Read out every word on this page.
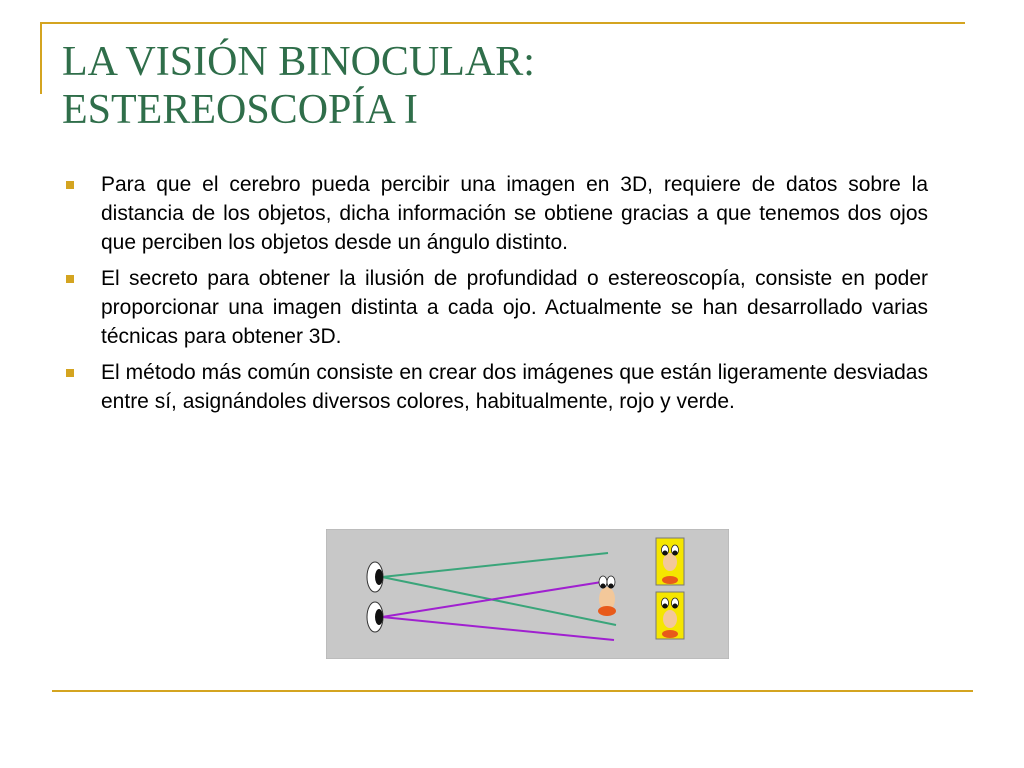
LA VISIÓN BINOCULAR:
ESTEREOSCOPÍA I
Para que el cerebro pueda percibir una imagen en 3D, requiere de datos sobre la distancia de los objetos, dicha información se obtiene gracias a que tenemos dos ojos que perciben los objetos desde un ángulo distinto.
El secreto para obtener la ilusión de profundidad o estereoscopía, consiste en poder proporcionar una imagen distinta a cada ojo. Actualmente se han desarrollado varias técnicas para obtener 3D.
El método más común consiste en crear dos imágenes que están ligeramente desviadas entre sí, asignándoles diversos colores, habitualmente, rojo y verde.
